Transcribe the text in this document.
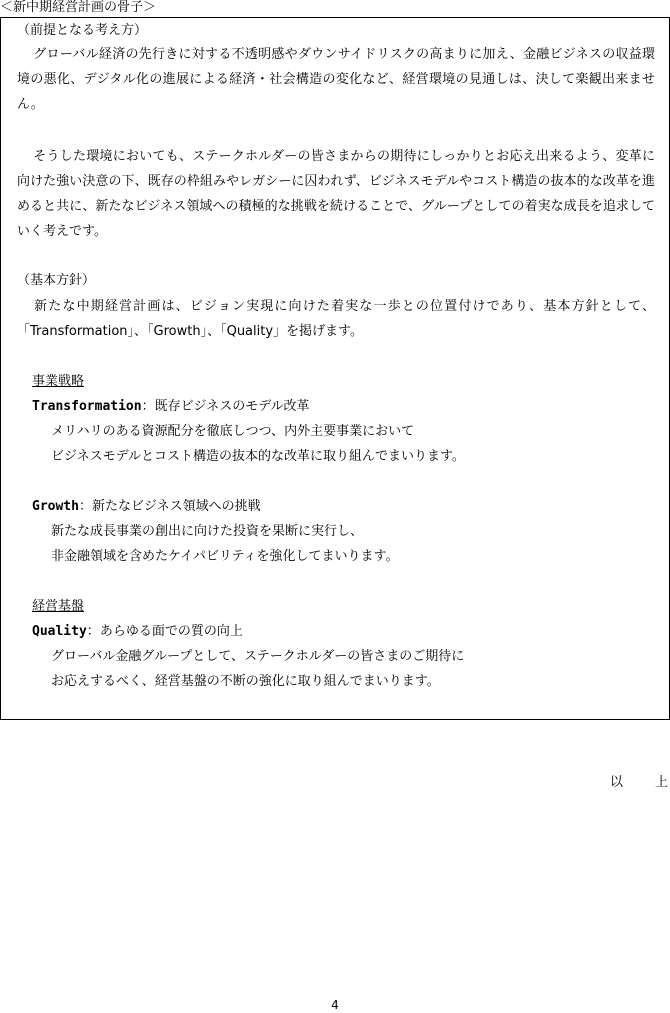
＜新中期経営計画の骨子＞
（前提となる考え方）
グローバル経済の先行きに対する不透明感やダウンサイドリスクの高まりに加え、金融ビジネスの収益環境の悪化、デジタル化の進展による経済・社会構造の変化など、経営環境の見通しは、決して楽観出来ません。
そうした環境においても、ステークホルダーの皆さまからの期待にしっかりとお応え出来るよう、変革に向けた強い決意の下、既存の枠組みやレガシーに囚われず、ビジネスモデルやコスト構造の抜本的な改革を進めると共に、新たなビジネス領域への積極的な挑戦を続けることで、グループとしての着実な成長を追求していく考えです。
（基本方針）
新たな中期経営計画は、ビジョン実現に向けた着実な一歩との位置付けであり、基本方針として、「Transformation」、「Growth」、「Quality」を掲げます。
事業戦略
Transformation：既存ビジネスのモデル改革
メリハリのある資源配分を徹底しつつ、内外主要事業において
ビジネスモデルとコスト構造の抜本的な改革に取り組んでまいります。
Growth：新たなビジネス領域への挑戦
新たな成長事業の創出に向けた投資を果断に実行し、
非金融領域を含めたケイパビリティを強化してまいります。
経営基盤
Quality：あらゆる面での質の向上
グローバル金融グループとして、ステークホルダーの皆さまのご期待に
お応えするべく、経営基盤の不断の強化に取り組んでまいります。
以 上
4
